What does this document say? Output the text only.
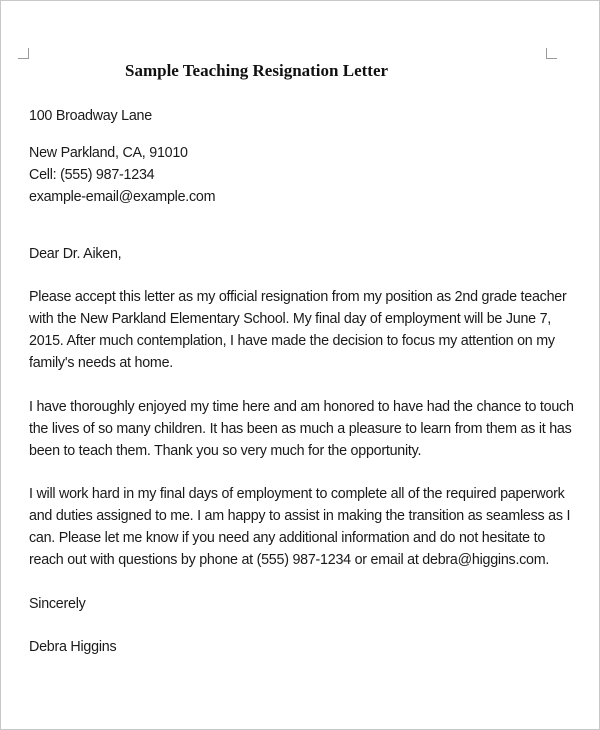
Sample Teaching Resignation Letter
100 Broadway Lane
New Parkland, CA, 91010
Cell: (555) 987-1234
example-email@example.com
Dear Dr. Aiken,
Please accept this letter as my official resignation from my position as 2nd grade teacher
with the New Parkland Elementary School. My final day of employment will be June 7,
2015. After much contemplation, I have made the decision to focus my attention on my
family's needs at home.
I have thoroughly enjoyed my time here and am honored to have had the chance to touch
the lives of so many children. It has been as much a pleasure to learn from them as it has
been to teach them. Thank you so very much for the opportunity.
I will work hard in my final days of employment to complete all of the required paperwork
and duties assigned to me. I am happy to assist in making the transition as seamless as I
can. Please let me know if you need any additional information and do not hesitate to
reach out with questions by phone at (555) 987-1234 or email at debra@higgins.com.
Sincerely
Debra Higgins
